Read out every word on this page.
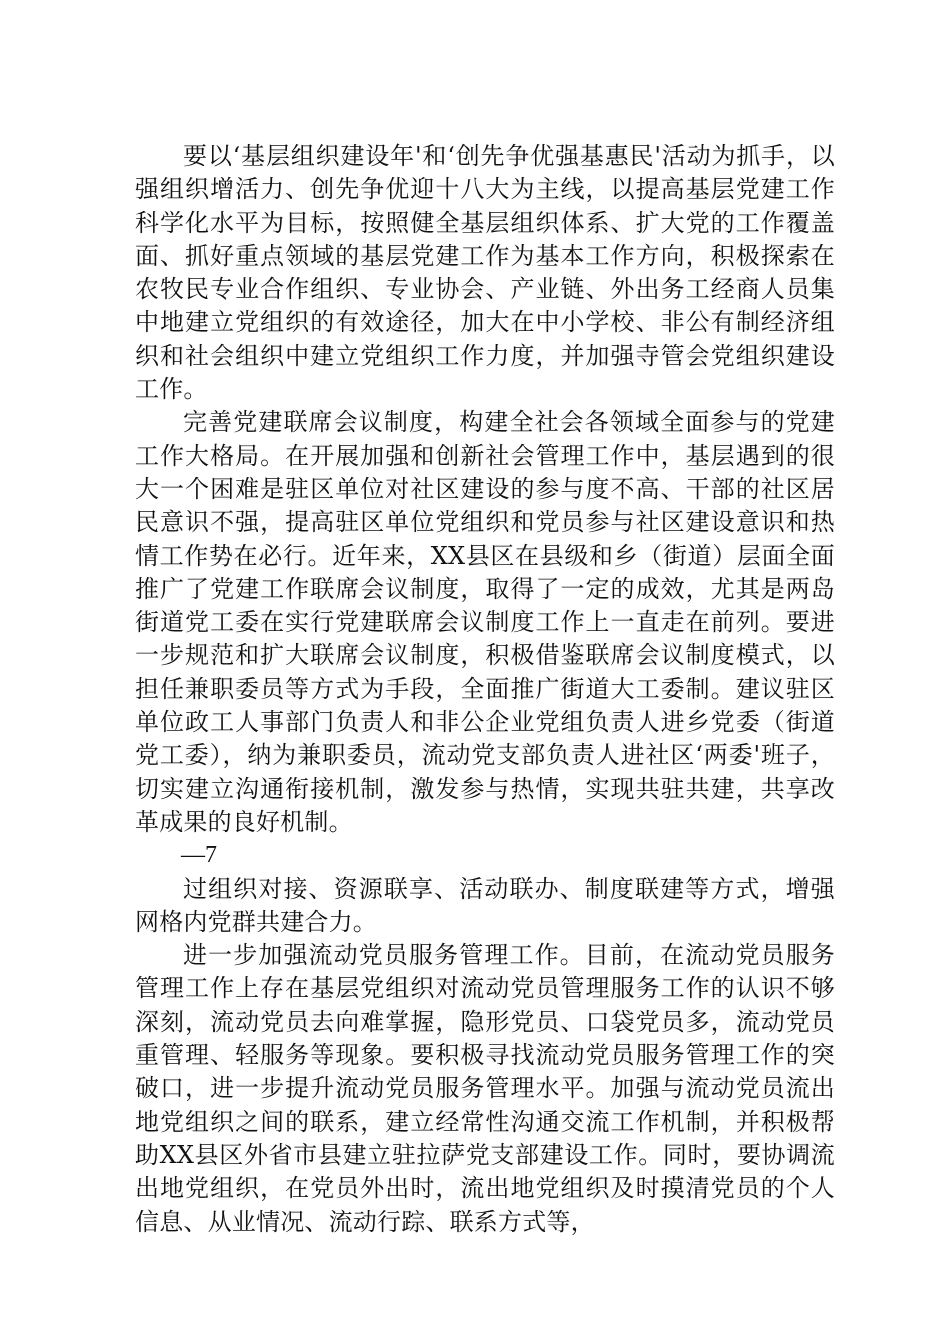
要以‘基层组织建设年'和‘创先争优强基惠民'活动为抓手，以强组织增活力、创先争优迎十八大为主线，以提高基层党建工作科学化水平为目标，按照健全基层组织体系、扩大党的工作覆盖面、抓好重点领域的基层党建工作为基本工作方向，积极探索在农牧民专业合作组织、专业协会、产业链、外出务工经商人员集中地建立党组织的有效途径，加大在中小学校、非公有制经济组织和社会组织中建立党组织工作力度，并加强寺管会党组织建设工作。

完善党建联席会议制度，构建全社会各领域全面参与的党建工作大格局。在开展加强和创新社会管理工作中，基层遇到的很大一个困难是驻区单位对社区建设的参与度不高、干部的社区居民意识不强，提高驻区单位党组织和党员参与社区建设意识和热情工作势在必行。近年来，XX县区在县级和乡（街道）层面全面推广了党建工作联席会议制度，取得了一定的成效，尤其是两岛街道党工委在实行党建联席会议制度工作上一直走在前列。要进一步规范和扩大联席会议制度，积极借鉴联席会议制度模式，以担任兼职委员等方式为手段，全面推广街道大工委制。建议驻区单位政工人事部门负责人和非公企业党组负责人进乡党委（街道党工委），纳为兼职委员，流动党支部负责人进社区‘两委'班子，切实建立沟通衔接机制，激发参与热情，实现共驻共建，共享改革成果的良好机制。

—7

过组织对接、资源联享、活动联办、制度联建等方式，增强网格内党群共建合力。

进一步加强流动党员服务管理工作。目前，在流动党员服务管理工作上存在基层党组织对流动党员管理服务工作的认识不够深刻，流动党员去向难掌握，隐形党员、口袋党员多，流动党员重管理、轻服务等现象。要积极寻找流动党员服务管理工作的突破口，进一步提升流动党员服务管理水平。加强与流动党员流出地党组织之间的联系，建立经常性沟通交流工作机制，并积极帮助XX县区外省市县建立驻拉萨党支部建设工作。同时，要协调流出地党组织，在党员外出时，流出地党组织及时摸清党员的个人信息、从业情况、流动行踪、联系方式等，
